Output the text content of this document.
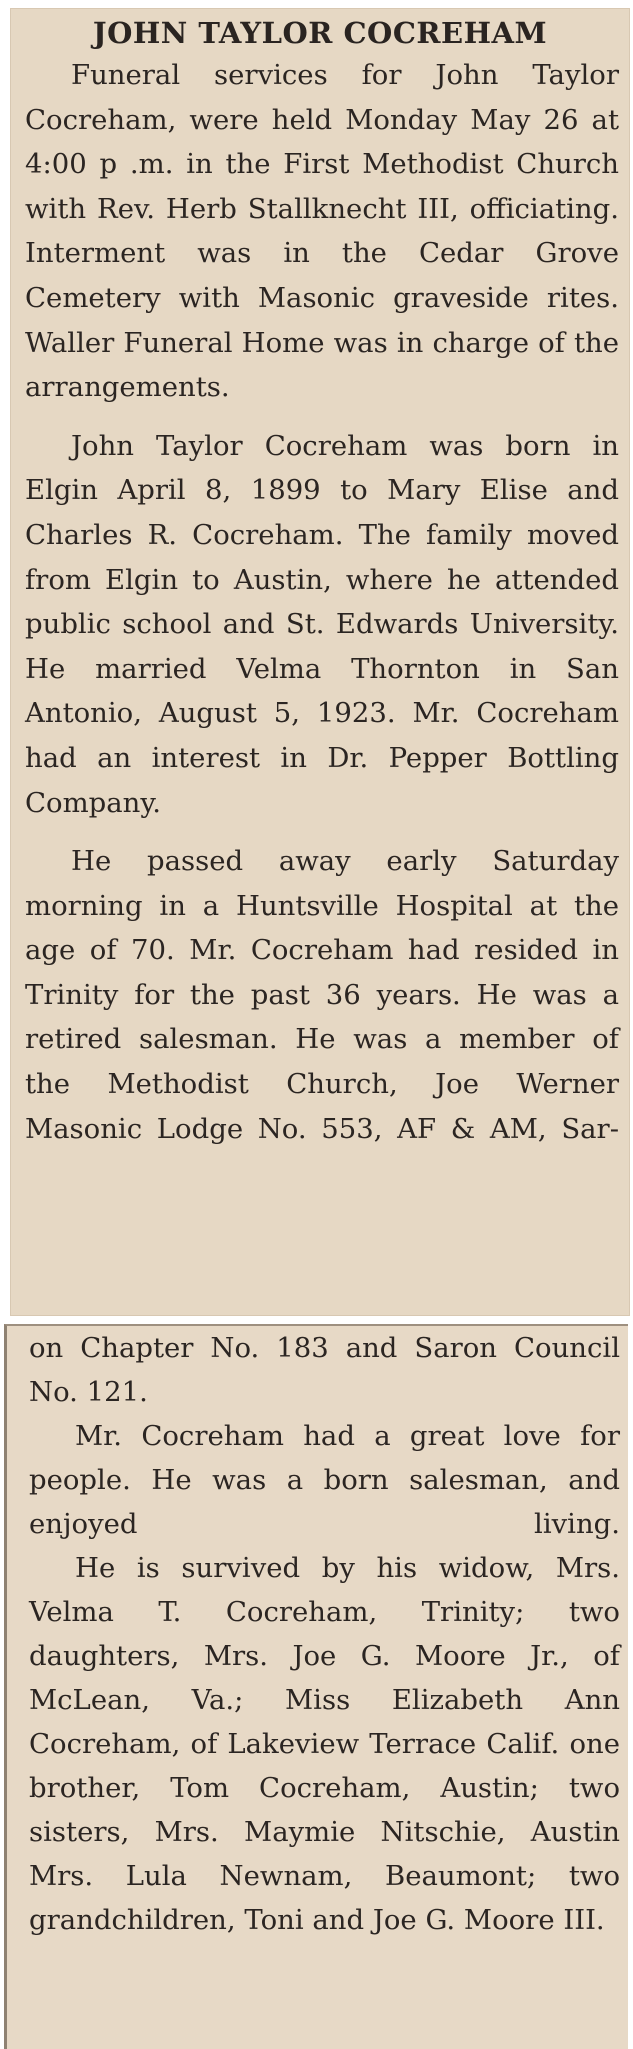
JOHN TAYLOR COCREHAM

Funeral services for John Taylor Cocreham, were held Monday May 26 at 4:00 p .m. in the First Methodist Church with Rev. Herb Stallknecht III, officiating. Interment was in the Cedar Grove Cemetery with Masonic graveside rites. Waller Funeral Home was in charge of the arrangements.

John Taylor Cocreham was born in Elgin April 8, 1899 to Mary Elise and Charles R. Cocreham. The family moved from Elgin to Austin, where he attended public school and St. Edwards University. He married Velma Thornton in San Antonio, August 5, 1923. Mr. Cocreham had an interest in Dr. Pepper Bottling Company.

He passed away early Saturday morning in a Huntsville Hospital at the age of 70. Mr. Cocreham had resided in Trinity for the past 36 years. He was a retired salesman. He was a member of the Methodist Church, Joe Werner Masonic Lodge No. 553, AF & AM, Sar-

on Chapter No. 183 and Saron Council No. 121.

Mr. Cocreham had a great love for people. He was a born salesman, and enjoyed living.

He is survived by his widow, Mrs. Velma T. Cocreham, Trinity; two daughters, Mrs. Joe G. Moore Jr., of McLean, Va.; Miss Elizabeth Ann Cocreham, of Lakeview Terrace Calif. one brother, Tom Cocreham, Austin; two sisters, Mrs. Maymie Nitschie, Austin Mrs. Lula Newnam, Beaumont; two grandchildren, Toni and Joe G. Moore III.
